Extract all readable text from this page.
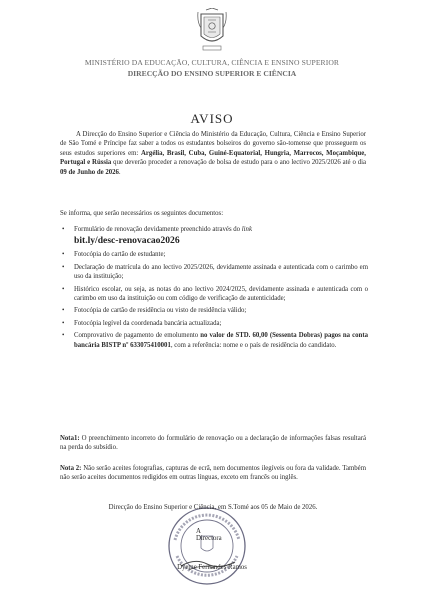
MINISTÉRIO DA EDUCAÇÃO, CULTURA, CIÊNCIA E ENSINO SUPERIOR
DIRECÇÃO DO ENSINO SUPERIOR E CIÊNCIA
AVISO
A Direcção do Ensino Superior e Ciência do Ministério da Educação, Cultura, Ciência e Ensino Superior de São Tomé e Príncipe faz saber a todos os estudantes bolseiros do governo são-tomense que prosseguem os seus estudos superiores em: Argélia, Brasil, Cuba, Guiné-Equatorial, Hungria, Marrocos, Moçambique, Portugal e Rússia que deverão proceder a renovação de bolsa de estudo para o ano lectivo 2025/2026 até o dia 09 de Junho de 2026.
Se informa, que serão necessários os seguintes documentos:
• Formulário de renovação devidamente preenchido através do link
bit.ly/desc-renovacao2026
• Fotocópia do cartão de estudante;
• Declaração de matrícula do ano lectivo 2025/2026, devidamente assinada e autenticada com o carimbo em uso da instituição;
• Histórico escolar, ou seja, as notas do ano lectivo 2024/2025, devidamente assinada e autenticada com o carimbo em uso da instituição ou com código de verificação de autenticidade;
• Fotocópia de cartão de residência ou visto de residência válido;
• Fotocópia legível da coordenada bancária actualizada;
• Comprovativo de pagamento de emolumento no valor de STD. 60,00 (Sessenta Dobras) pagos na conta bancária BISTP nº 633075410001, com a referência: nome e o país de residência do candidato.
Nota1: O preenchimento incorreto do formulário de renovação ou a declaração de informações falsas resultará na perda do subsídio.
Nota 2: Não serão aceites fotografias, capturas de ecrã, nem documentos ilegíveis ou fora da validade. Também não serão aceites documentos redigidos em outras línguas, exceto em francês ou inglês.
Direcção do Ensino Superior e Ciência, em S.Tomé aos 05 de Maio de 2026.
A Directora
Dyeme Fernandes Ramos
